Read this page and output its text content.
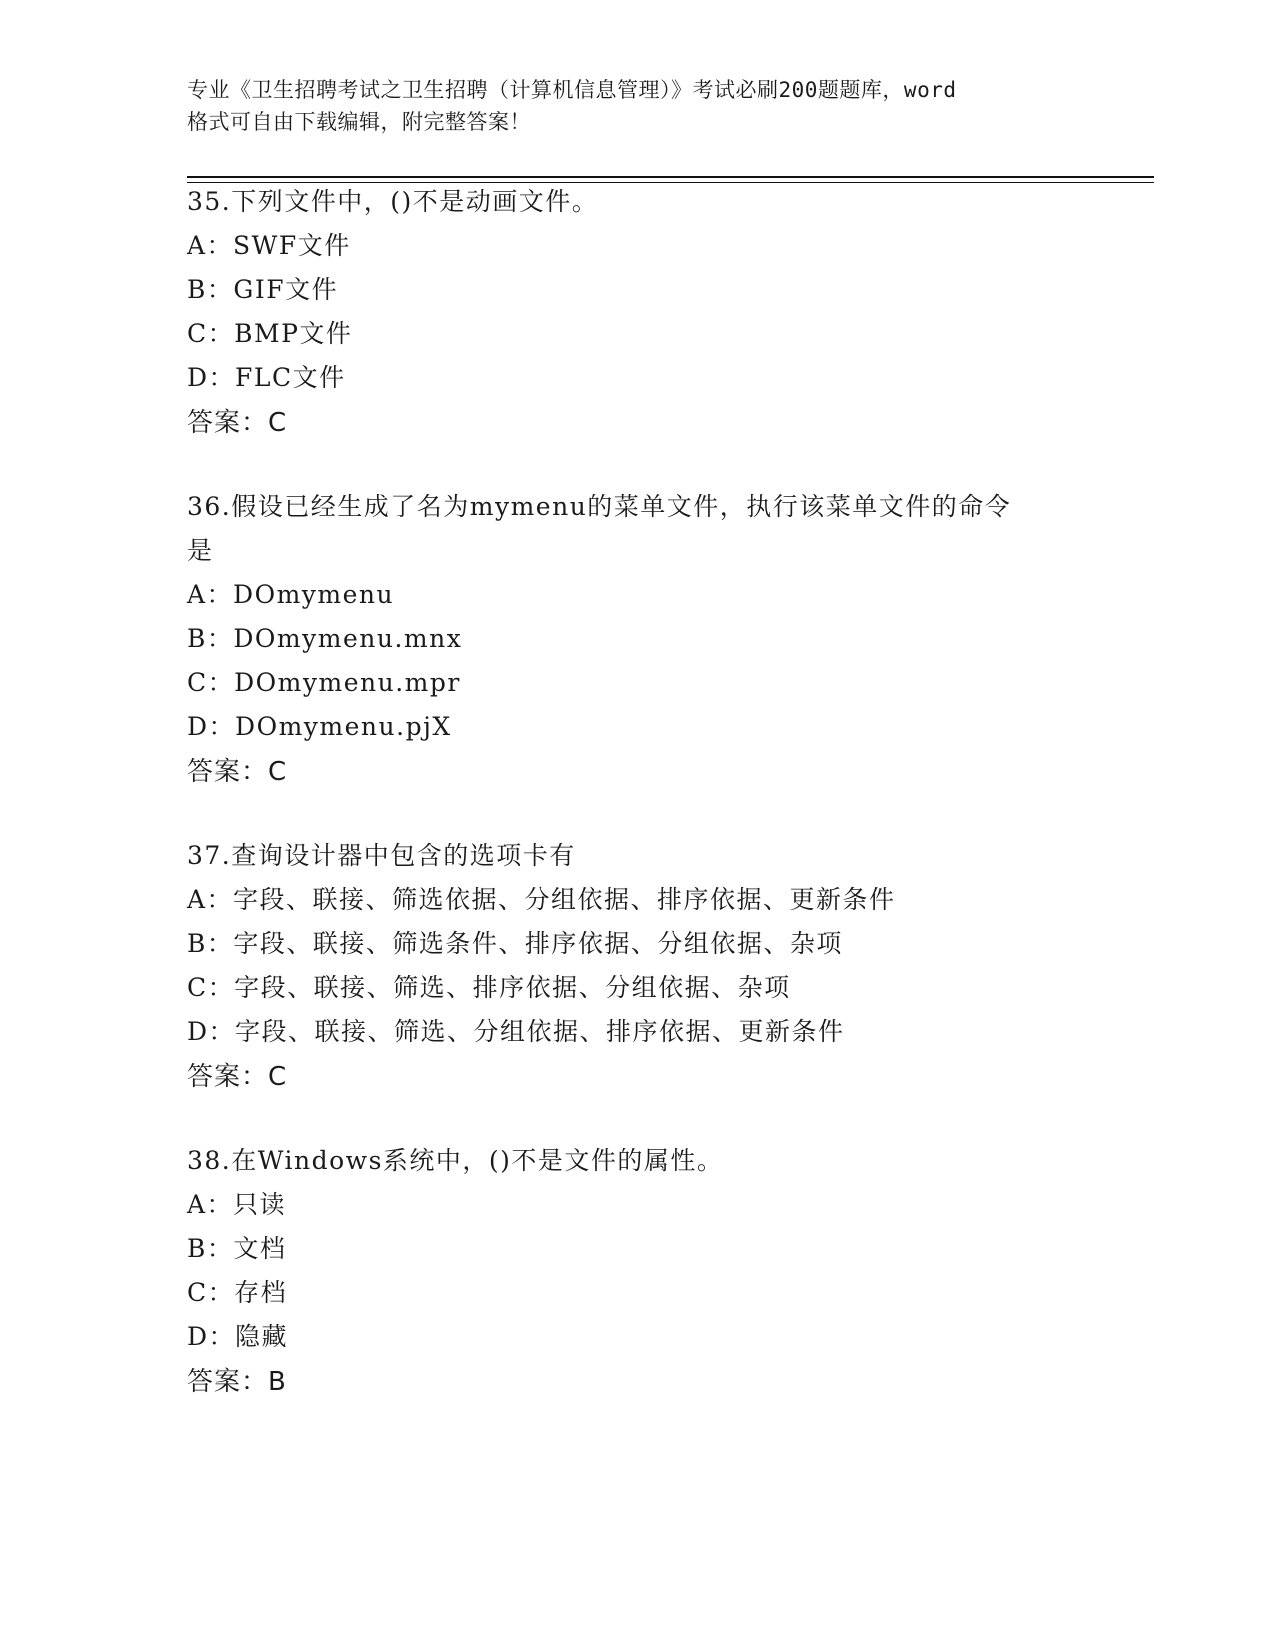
专业《卫生招聘考试之卫生招聘（计算机信息管理）》考试必刷200题题库，word
格式可自由下载编辑，附完整答案！
35.下列文件中，()不是动画文件。
A：SWF文件
B：GIF文件
C：BMP文件
D：FLC文件
答案：C
36.假设已经生成了名为mymenu的菜单文件，执行该菜单文件的命令
是
A：DOmymenu
B：DOmymenu.mnx
C：DOmymenu.mpr
D：DOmymenu.pjX
答案：C
37.查询设计器中包含的选项卡有
A：字段、联接、筛选依据、分组依据、排序依据、更新条件
B：字段、联接、筛选条件、排序依据、分组依据、杂项
C：字段、联接、筛选、排序依据、分组依据、杂项
D：字段、联接、筛选、分组依据、排序依据、更新条件
答案：C
38.在Windows系统中，()不是文件的属性。
A：只读
B：文档
C：存档
D：隐藏
答案：B
